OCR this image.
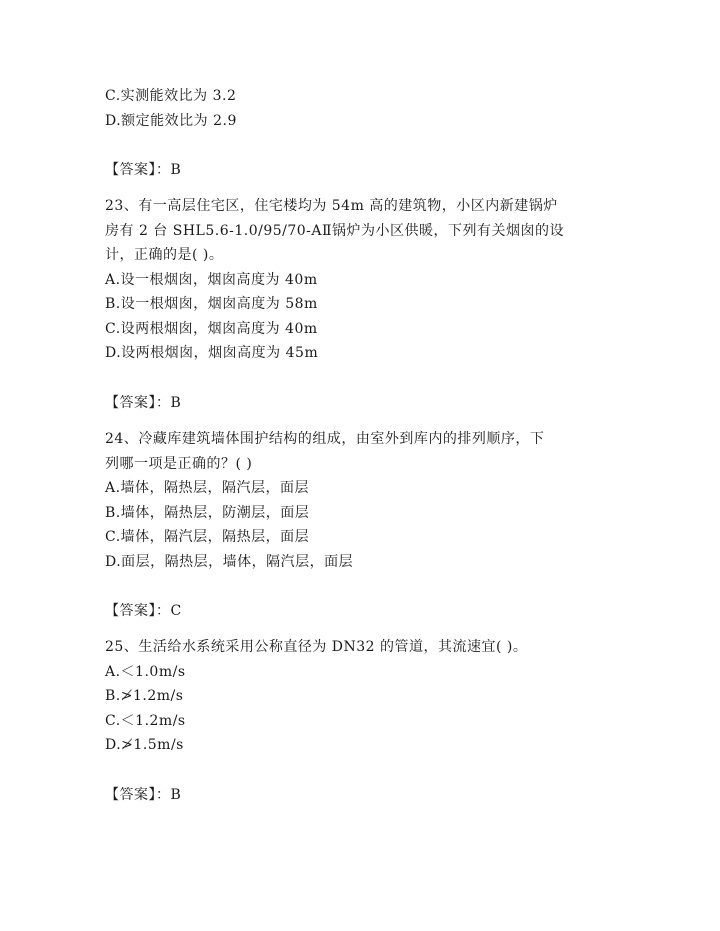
C.实测能效比为 3.2
D.额定能效比为 2.9
【答案】：B
23、有一高层住宅区，住宅楼均为 54m 高的建筑物，小区内新建锅炉
房有 2 台 SHL5.6-1.0/95/70-AⅡ锅炉为小区供暖，下列有关烟囱的设
计，正确的是( )。
A.设一根烟囱，烟囱高度为 40m
B.设一根烟囱，烟囱高度为 58m
C.设两根烟囱，烟囱高度为 40m
D.设两根烟囱，烟囱高度为 45m
【答案】：B
24、冷藏库建筑墙体围护结构的组成，由室外到库内的排列顺序，下
列哪一项是正确的？( )
A.墙体，隔热层，隔汽层，面层
B.墙体，隔热层，防潮层，面层
C.墙体，隔汽层，隔热层，面层
D.面层，隔热层，墙体，隔汽层，面层
【答案】：C
25、生活给水系统采用公称直径为 DN32 的管道，其流速宜( )。
A.＜1.0m/s
B.≯1.2m/s
C.＜1.2m/s
D.≯1.5m/s
【答案】：B
